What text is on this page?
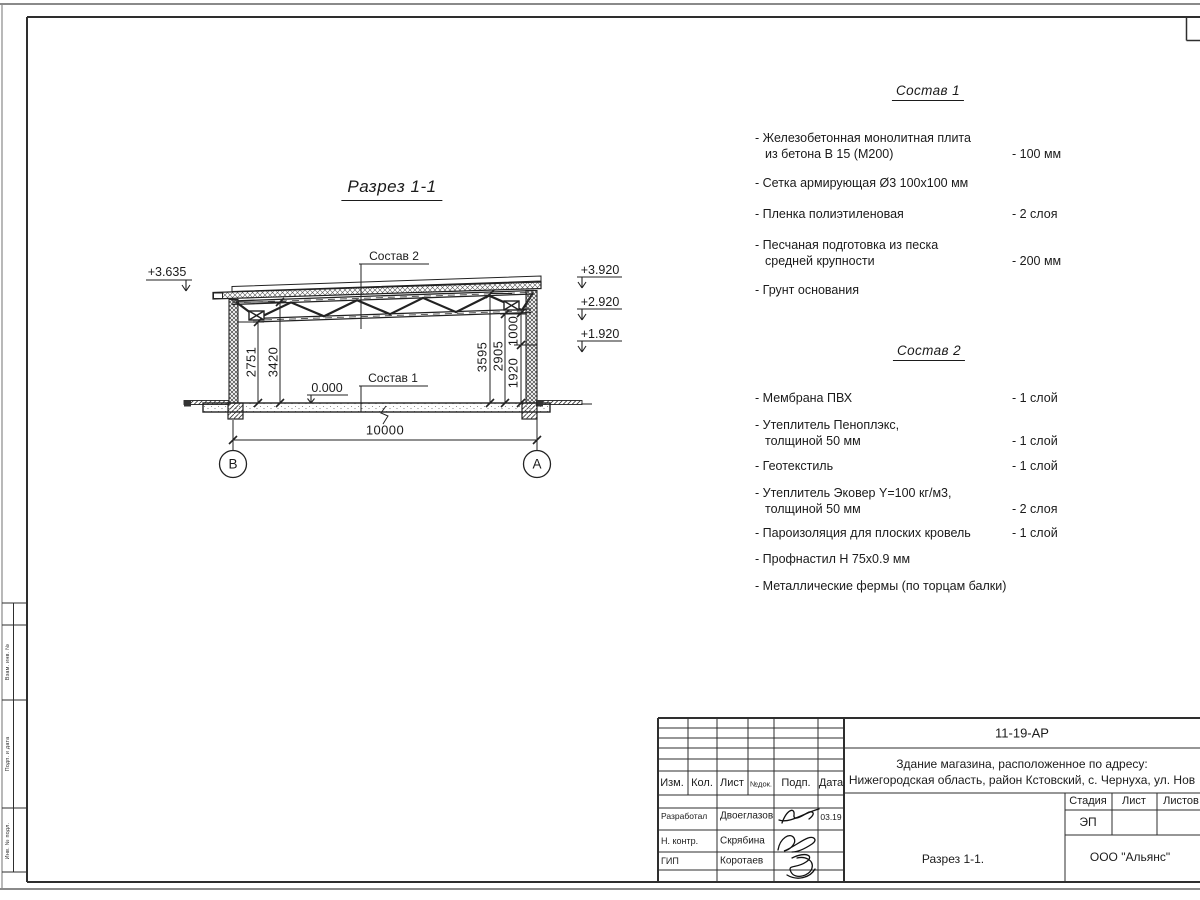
Разрез 1-1
+3.635	+3.920
+2.920
+1.920
0.000
2751 3420	3595 2905
1000
1920
10000
В	А
Состав 2
Состав 1
Состав 1
- Железобетонная монолитная плита
из бетона В 15 (М200)	- 100 мм
- Сетка армирующая Ø3 100х100 мм
- Пленка полиэтиленовая	- 2 слоя
- Песчаная подготовка из песка
средней крупности	- 200 мм
- Грунт основания
Состав 2
- Мембрана ПВХ	- 1 слой
- Утеплитель Пеноплэкс,
толщиной 50 мм	- 1 слой
- Геотекстиль	- 1 слой
- Утеплитель Эковер Y=100 кг/м3,
толщиной 50 мм	- 2 слоя
- Пароизоляция для плоских кровель	- 1 слой
- Профнастил Н 75х0.9 мм
- Металлические фермы (по торцам балки)
11-19-АР
Здание магазина, расположенное по адресу:
Нижегородская область, район Кстовский, с. Чернуха, ул. Нов
Изм. Кол. Лист №док. Подп. Дата
Разработал Двоеглазов	03.19
Н. контр. Скрябина
ГИП	Коротаев
Стадия Лист Листов
ЭП
Разрез 1-1.	ООО "Альянс"
Взам. инв. №
Подп. и дата
Инв. № подл.
